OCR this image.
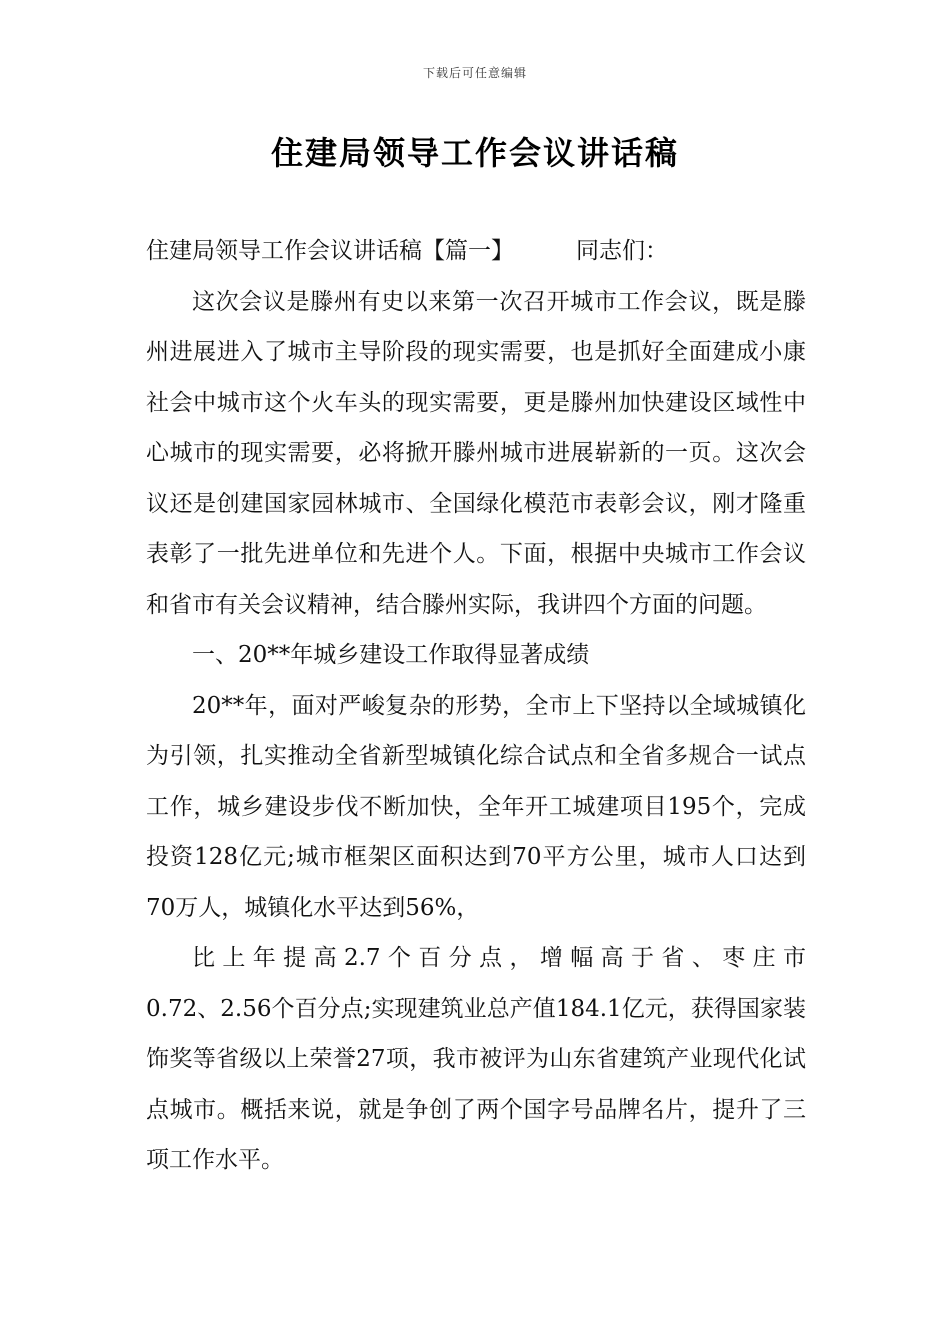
下载后可任意编辑
住建局领导工作会议讲话稿

住建局领导工作会议讲话稿【篇一】	同志们：

这次会议是滕州有史以来第一次召开城市工作会议，既是滕州进展进入了城市主导阶段的现实需要，也是抓好全面建成小康社会中城市这个火车头的现实需要，更是滕州加快建设区域性中心城市的现实需要，必将掀开滕州城市进展崭新的一页。这次会议还是创建国家园林城市、全国绿化模范市表彰会议，刚才隆重表彰了一批先进单位和先进个人。下面，根据中央城市工作会议和省市有关会议精神，结合滕州实际，我讲四个方面的问题。

一、20**年城乡建设工作取得显著成绩

20**年，面对严峻复杂的形势，全市上下坚持以全域城镇化为引领，扎实推动全省新型城镇化综合试点和全省多规合一试点工作，城乡建设步伐不断加快，全年开工城建项目195个，完成投资128亿元;城市框架区面积达到70平方公里，城市人口达到70万人，城镇化水平达到56%，
比上年提高2.7个百分点，增幅高于省、枣庄市
0.72、2.56个百分点;实现建筑业总产值184.1亿元，获得国家装饰奖等省级以上荣誉27项，我市被评为山东省建筑产业现代化试点城市。概括来说，就是争创了两个国字号品牌名片，提升了三项工作水平。
